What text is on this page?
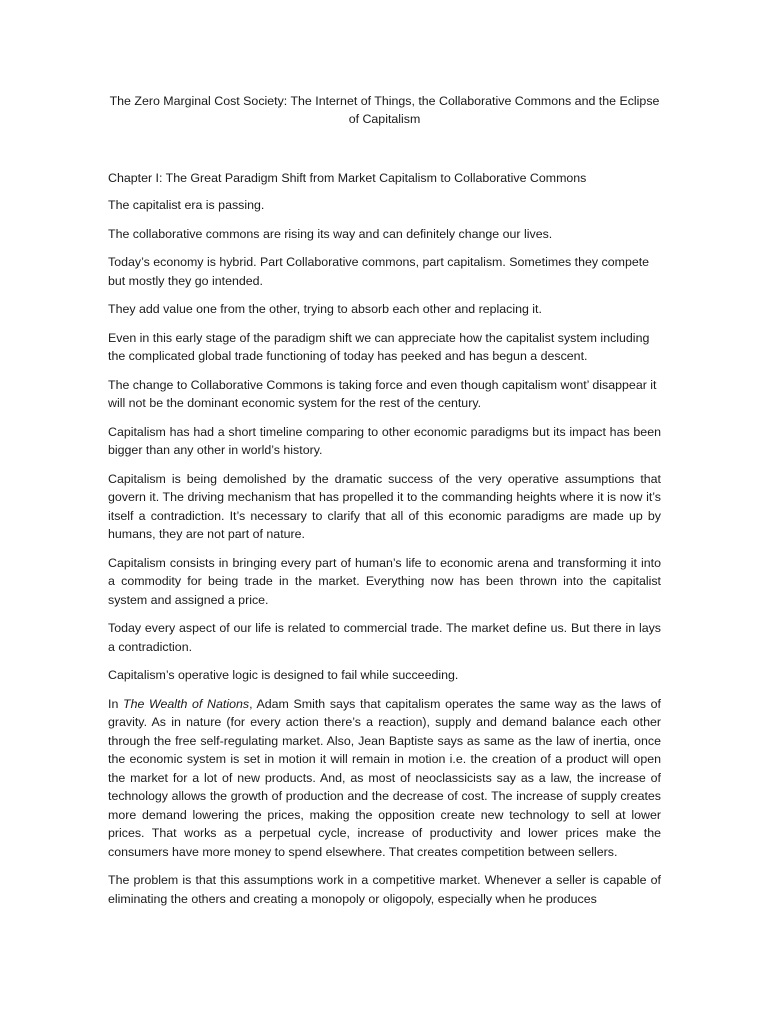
The Zero Marginal Cost Society: The Internet of Things, the Collaborative Commons and the Eclipse of Capitalism
Chapter I: The Great Paradigm Shift from Market Capitalism to Collaborative Commons

The capitalist era is passing.

The collaborative commons are rising its way and can definitely change our lives.

Today’s economy is hybrid. Part Collaborative commons, part capitalism. Sometimes they compete but mostly they go intended.

They add value one from the other, trying to absorb each other and replacing it.

Even in this early stage of the paradigm shift we can appreciate how the capitalist system including the complicated global trade functioning of today has peeked and has begun a descent.

The change to Collaborative Commons is taking force and even though capitalism wont’ disappear it will not be the dominant economic system for the rest of the century.

Capitalism has had a short timeline comparing to other economic paradigms but its impact has been bigger than any other in world’s history.

Capitalism is being demolished by the dramatic success of the very operative assumptions that govern it. The driving mechanism that has propelled it to the commanding heights where it is now it’s itself a contradiction. It’s necessary to clarify that all of this economic paradigms are made up by humans, they are not part of nature.

Capitalism consists in bringing every part of human’s life to economic arena and transforming it into a commodity for being trade in the market. Everything now has been thrown into the capitalist system and assigned a price.

Today every aspect of our life is related to commercial trade. The market define us. But there in lays a contradiction.

Capitalism’s operative logic is designed to fail while succeeding.

In The Wealth of Nations, Adam Smith says that capitalism operates the same way as the laws of gravity. As in nature (for every action there’s a reaction), supply and demand balance each other through the free self-regulating market. Also, Jean Baptiste says as same as the law of inertia, once the economic system is set in motion it will remain in motion i.e. the creation of a product will open the market for a lot of new products. And, as most of neoclassicists say as a law, the increase of technology allows the growth of production and the decrease of cost. The increase of supply creates more demand lowering the prices, making the opposition create new technology to sell at lower prices. That works as a perpetual cycle, increase of productivity and lower prices make the consumers have more money to spend elsewhere. That creates competition between sellers.

The problem is that this assumptions work in a competitive market. Whenever a seller is capable of eliminating the others and creating a monopoly or oligopoly, especially when he produces
